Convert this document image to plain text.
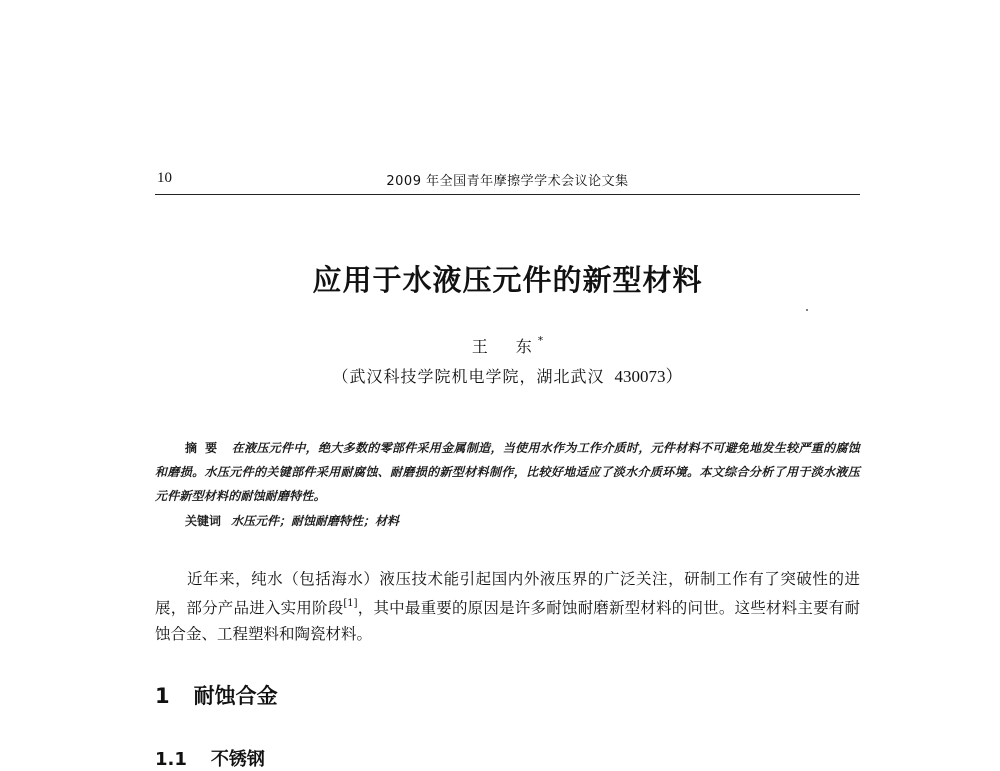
10	2009 年全国青年摩擦学学术会议论文集
应用于水液压元件的新型材料
王　东*
（武汉科技学院机电学院，湖北武汉 430073）

摘要 在液压元件中，绝大多数的零部件采用金属制造，当使用水作为工作介质时，元件材料不可避免地发生较严重的腐蚀和磨损。水压元件的关键部件采用耐腐蚀、耐磨损的新型材料制作，比较好地适应了淡水介质环境。本文综合分析了用于淡水液压元件新型材料的耐蚀耐磨特性。

关键词 水压元件；耐蚀耐磨特性；材料

近年来，纯水（包括海水）液压技术能引起国内外液压界的广泛关注，研制工作有了突破性的进展，部分产品进入实用阶段[1]，其中最重要的原因是许多耐蚀耐磨新型材料的问世。这些材料主要有耐蚀合金、工程塑料和陶瓷材料。

1 耐蚀合金
1.1 不锈钢
